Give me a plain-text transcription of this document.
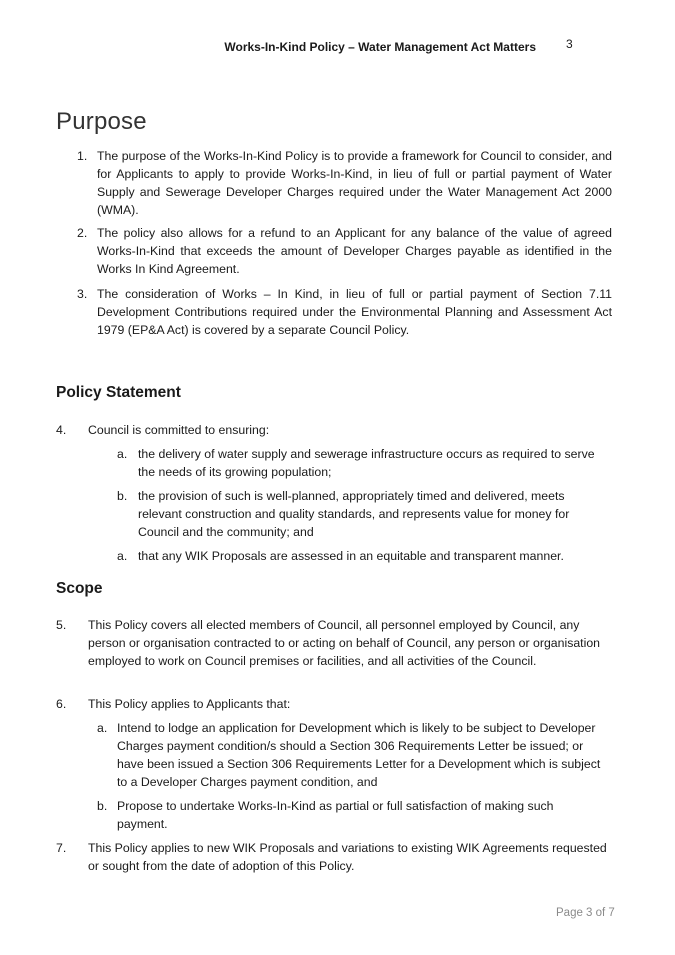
Works-In-Kind Policy – Water Management Act Matters	3
Purpose
1. The purpose of the Works-In-Kind Policy is to provide a framework for Council to consider, and for Applicants to apply to provide Works-In-Kind, in lieu of full or partial payment of Water Supply and Sewerage Developer Charges required under the Water Management Act 2000 (WMA).
2. The policy also allows for a refund to an Applicant for any balance of the value of agreed Works-In-Kind that exceeds the amount of Developer Charges payable as identified in the Works In Kind Agreement.
3. The consideration of Works – In Kind, in lieu of full or partial payment of Section 7.11 Development Contributions required under the Environmental Planning and Assessment Act 1979 (EP&A Act) is covered by a separate Council Policy.
Policy Statement
4. Council is committed to ensuring:
a. the delivery of water supply and sewerage infrastructure occurs as required to serve the needs of its growing population;
b. the provision of such is well-planned, appropriately timed and delivered, meets relevant construction and quality standards, and represents value for money for Council and the community; and
a. that any WIK Proposals are assessed in an equitable and transparent manner.
Scope
5. This Policy covers all elected members of Council, all personnel employed by Council, any person or organisation contracted to or acting on behalf of Council, any person or organisation employed to work on Council premises or facilities, and all activities of the Council.
6. This Policy applies to Applicants that:
a. Intend to lodge an application for Development which is likely to be subject to Developer Charges payment condition/s should a Section 306 Requirements Letter be issued; or have been issued a Section 306 Requirements Letter for a Development which is subject to a Developer Charges payment condition, and
b. Propose to undertake Works-In-Kind as partial or full satisfaction of making such payment.
7. This Policy applies to new WIK Proposals and variations to existing WIK Agreements requested or sought from the date of adoption of this Policy.
Page 3 of 7
